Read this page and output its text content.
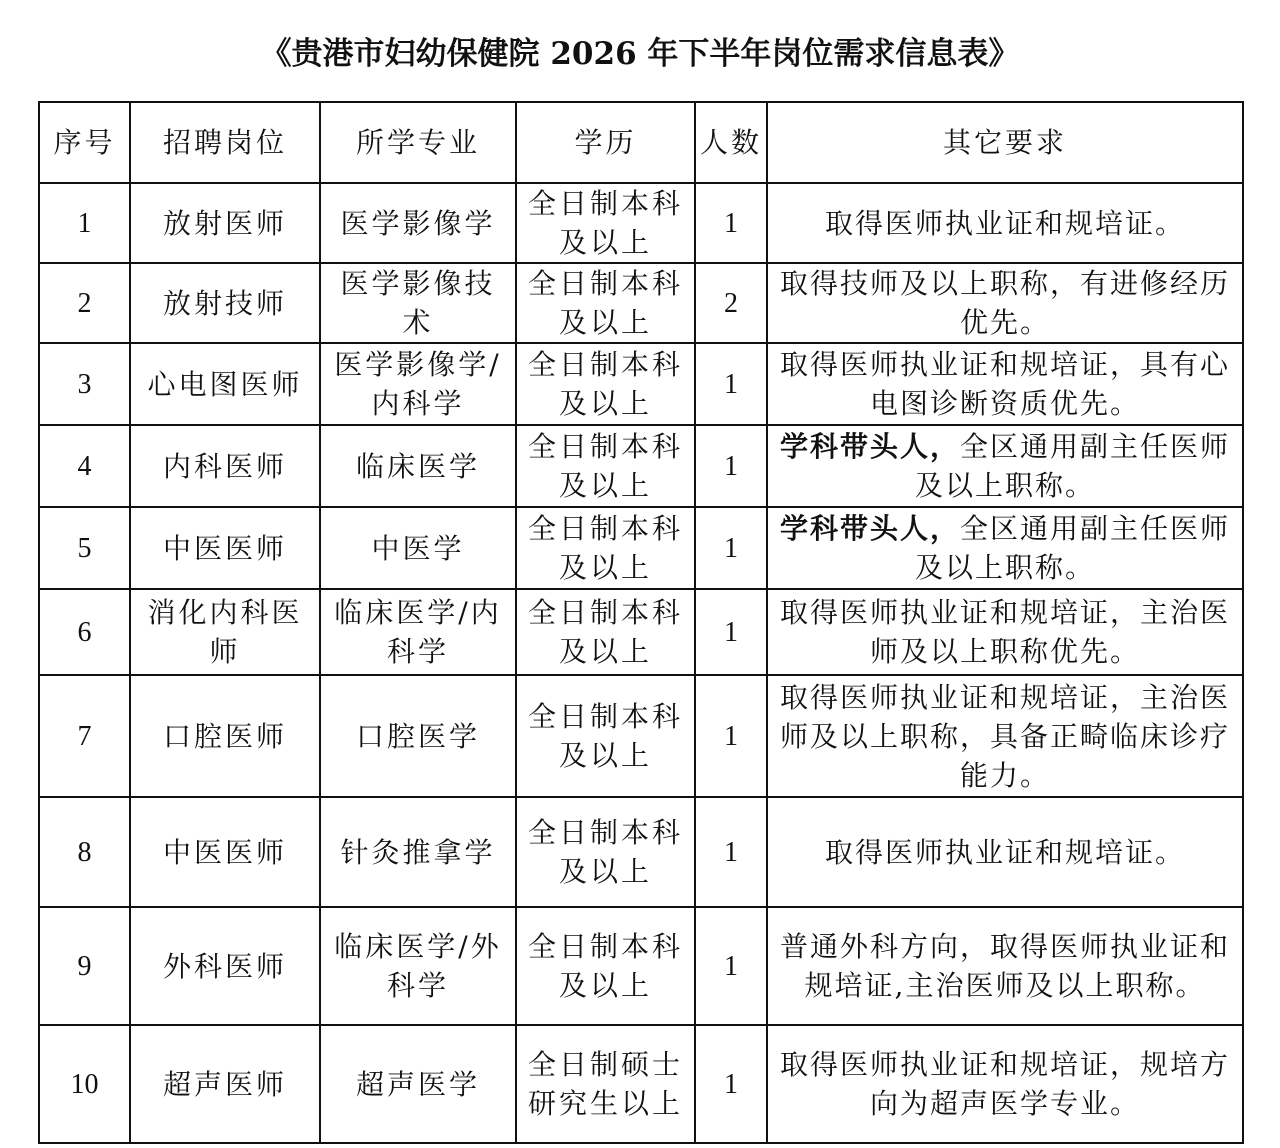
《贵港市妇幼保健院 2026 年下半年岗位需求信息表》
序号	招聘岗位	所学专业	学历	人数	其它要求
1	放射医师	医学影像学	全日制本科及以上	1	取得医师执业证和规培证。
2	放射技师	医学影像技术	全日制本科及以上	2	取得技师及以上职称，有进修经历优先。
3	心电图医师	医学影像学/内科学	全日制本科及以上	1	取得医师执业证和规培证，具有心电图诊断资质优先。
4	内科医师	临床医学	全日制本科及以上	1	学科带头人，全区通用副主任医师及以上职称。
5	中医医师	中医学	全日制本科及以上	1	学科带头人，全区通用副主任医师及以上职称。
6	消化内科医师	临床医学/内科学	全日制本科及以上	1	取得医师执业证和规培证，主治医师及以上职称优先。
7	口腔医师	口腔医学	全日制本科及以上	1	取得医师执业证和规培证，主治医师及以上职称，具备正畸临床诊疗能力。
8	中医医师	针灸推拿学	全日制本科及以上	1	取得医师执业证和规培证。
9	外科医师	临床医学/外科学	全日制本科及以上	1	普通外科方向，取得医师执业证和规培证,主治医师及以上职称。
10	超声医师	超声医学	全日制硕士研究生以上	1	取得医师执业证和规培证，规培方向为超声医学专业。
